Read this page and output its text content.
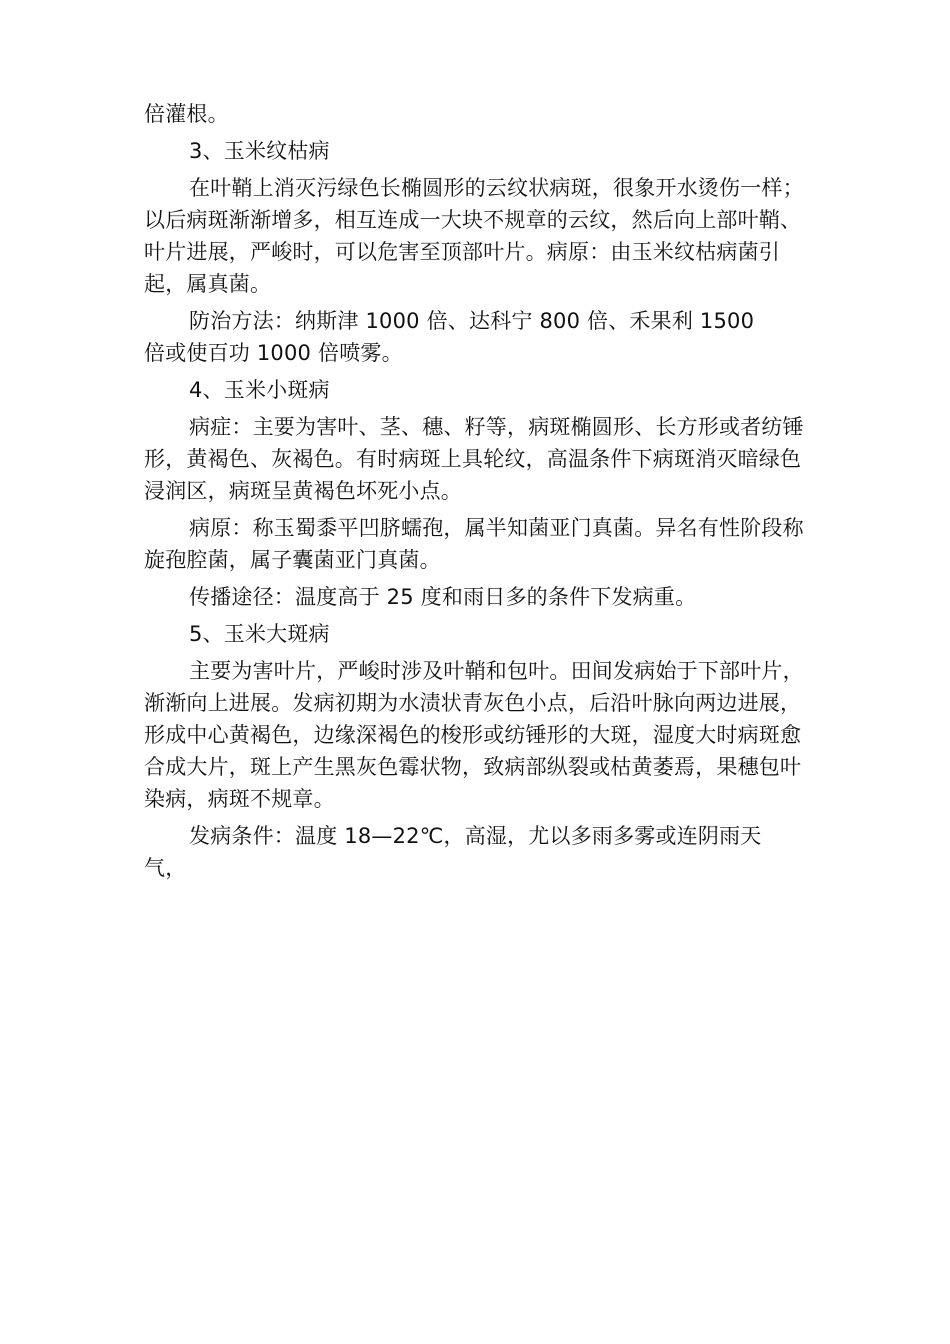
倍灌根。

3、玉米纹枯病

在叶鞘上消灭污绿色长椭圆形的云纹状病斑，很象开水烫伤一样；以后病斑渐渐增多，相互连成一大块不规章的云纹，然后向上部叶鞘、叶片进展，严峻时，可以危害至顶部叶片。病原：由玉米纹枯病菌引起，属真菌。

防治方法：纳斯津 1000 倍、达科宁 800 倍、禾果利 1500

倍或使百功 1000 倍喷雾。

4、玉米小斑病

病症：主要为害叶、茎、穗、籽等，病斑椭圆形、长方形或者纺锤形，黄褐色、灰褐色。有时病斑上具轮纹，高温条件下病斑消灭暗绿色浸润区，病斑呈黄褐色坏死小点。

病原：称玉蜀黍平凹脐蠕孢，属半知菌亚门真菌。异名有性阶段称旋孢腔菌，属子囊菌亚门真菌。

传播途径：温度高于 25 度和雨日多的条件下发病重。

5、玉米大斑病

主要为害叶片，严峻时涉及叶鞘和包叶。田间发病始于下部叶片，渐渐向上进展。发病初期为水渍状青灰色小点，后沿叶脉向两边进展，形成中心黄褐色，边缘深褐色的梭形或纺锤形的大斑，湿度大时病斑愈合成大片，斑上产生黑灰色霉状物，致病部纵裂或枯黄萎焉，果穗包叶染病，病斑不规章。

发病条件：温度 18—22℃，高湿，尤以多雨多雾或连阴雨天

气，
